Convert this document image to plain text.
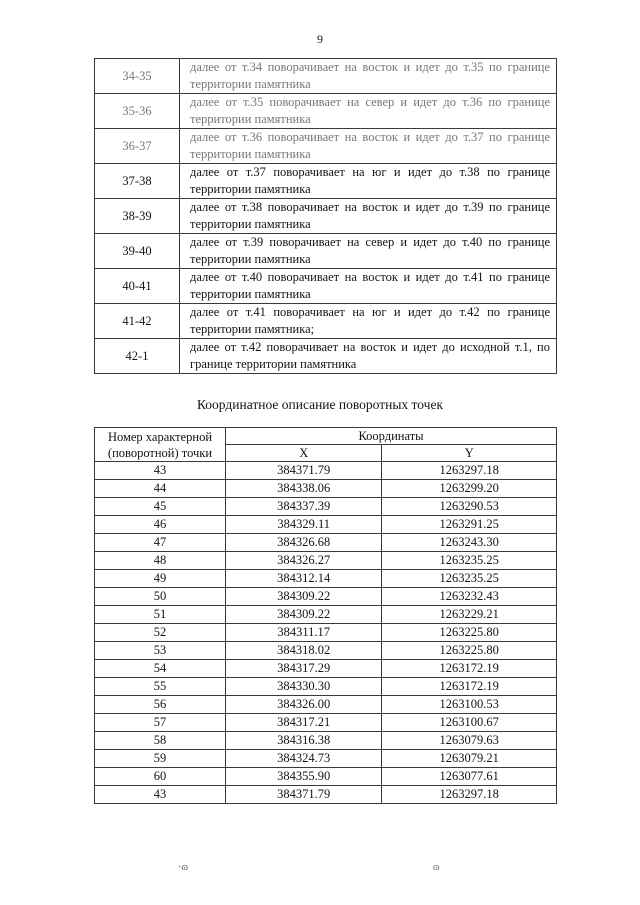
9
34-35	далее от т.34 поворачивает на восток и идет до т.35 по границе территории памятника
35-36	далее от т.35 поворачивает на север и идет до т.36 по границе территории памятника
36-37	далее от т.36 поворачивает на восток и идет до т.37 по границе территории памятника
37-38	далее от т.37 поворачивает на юг и идет до т.38 по границе территории памятника
38-39	далее от т.38 поворачивает на восток и идет до т.39 по границе территории памятника
39-40	далее от т.39 поворачивает на север и идет до т.40 по границе территории памятника
40-41	далее от т.40 поворачивает на восток и идет до т.41 по границе территории памятника
41-42	далее от т.41 поворачивает на юг и идет до т.42 по границе территории памятника;
42-1	далее от т.42 поворачивает на восток и идет до исходной т.1, по границе территории памятника
Координатное описание поворотных точек
Номер характерной (поворотной) точки	Координаты	
	X	Y
43	384371.79	1263297.18
44	384338.06	1263299.20
45	384337.39	1263290.53
46	384329.11	1263291.25
47	384326.68	1263243.30
48	384326.27	1263235.25
49	384312.14	1263235.25
50	384309.22	1263232.43
51	384309.22	1263229.21
52	384311.17	1263225.80
53	384318.02	1263225.80
54	384317.29	1263172.19
55	384330.30	1263172.19
56	384326.00	1263100.53
57	384317.21	1263100.67
58	384316.38	1263079.63
59	384324.73	1263079.21
60	384355.90	1263077.61
43	384371.79	1263297.18
·ɷ	ɷ
